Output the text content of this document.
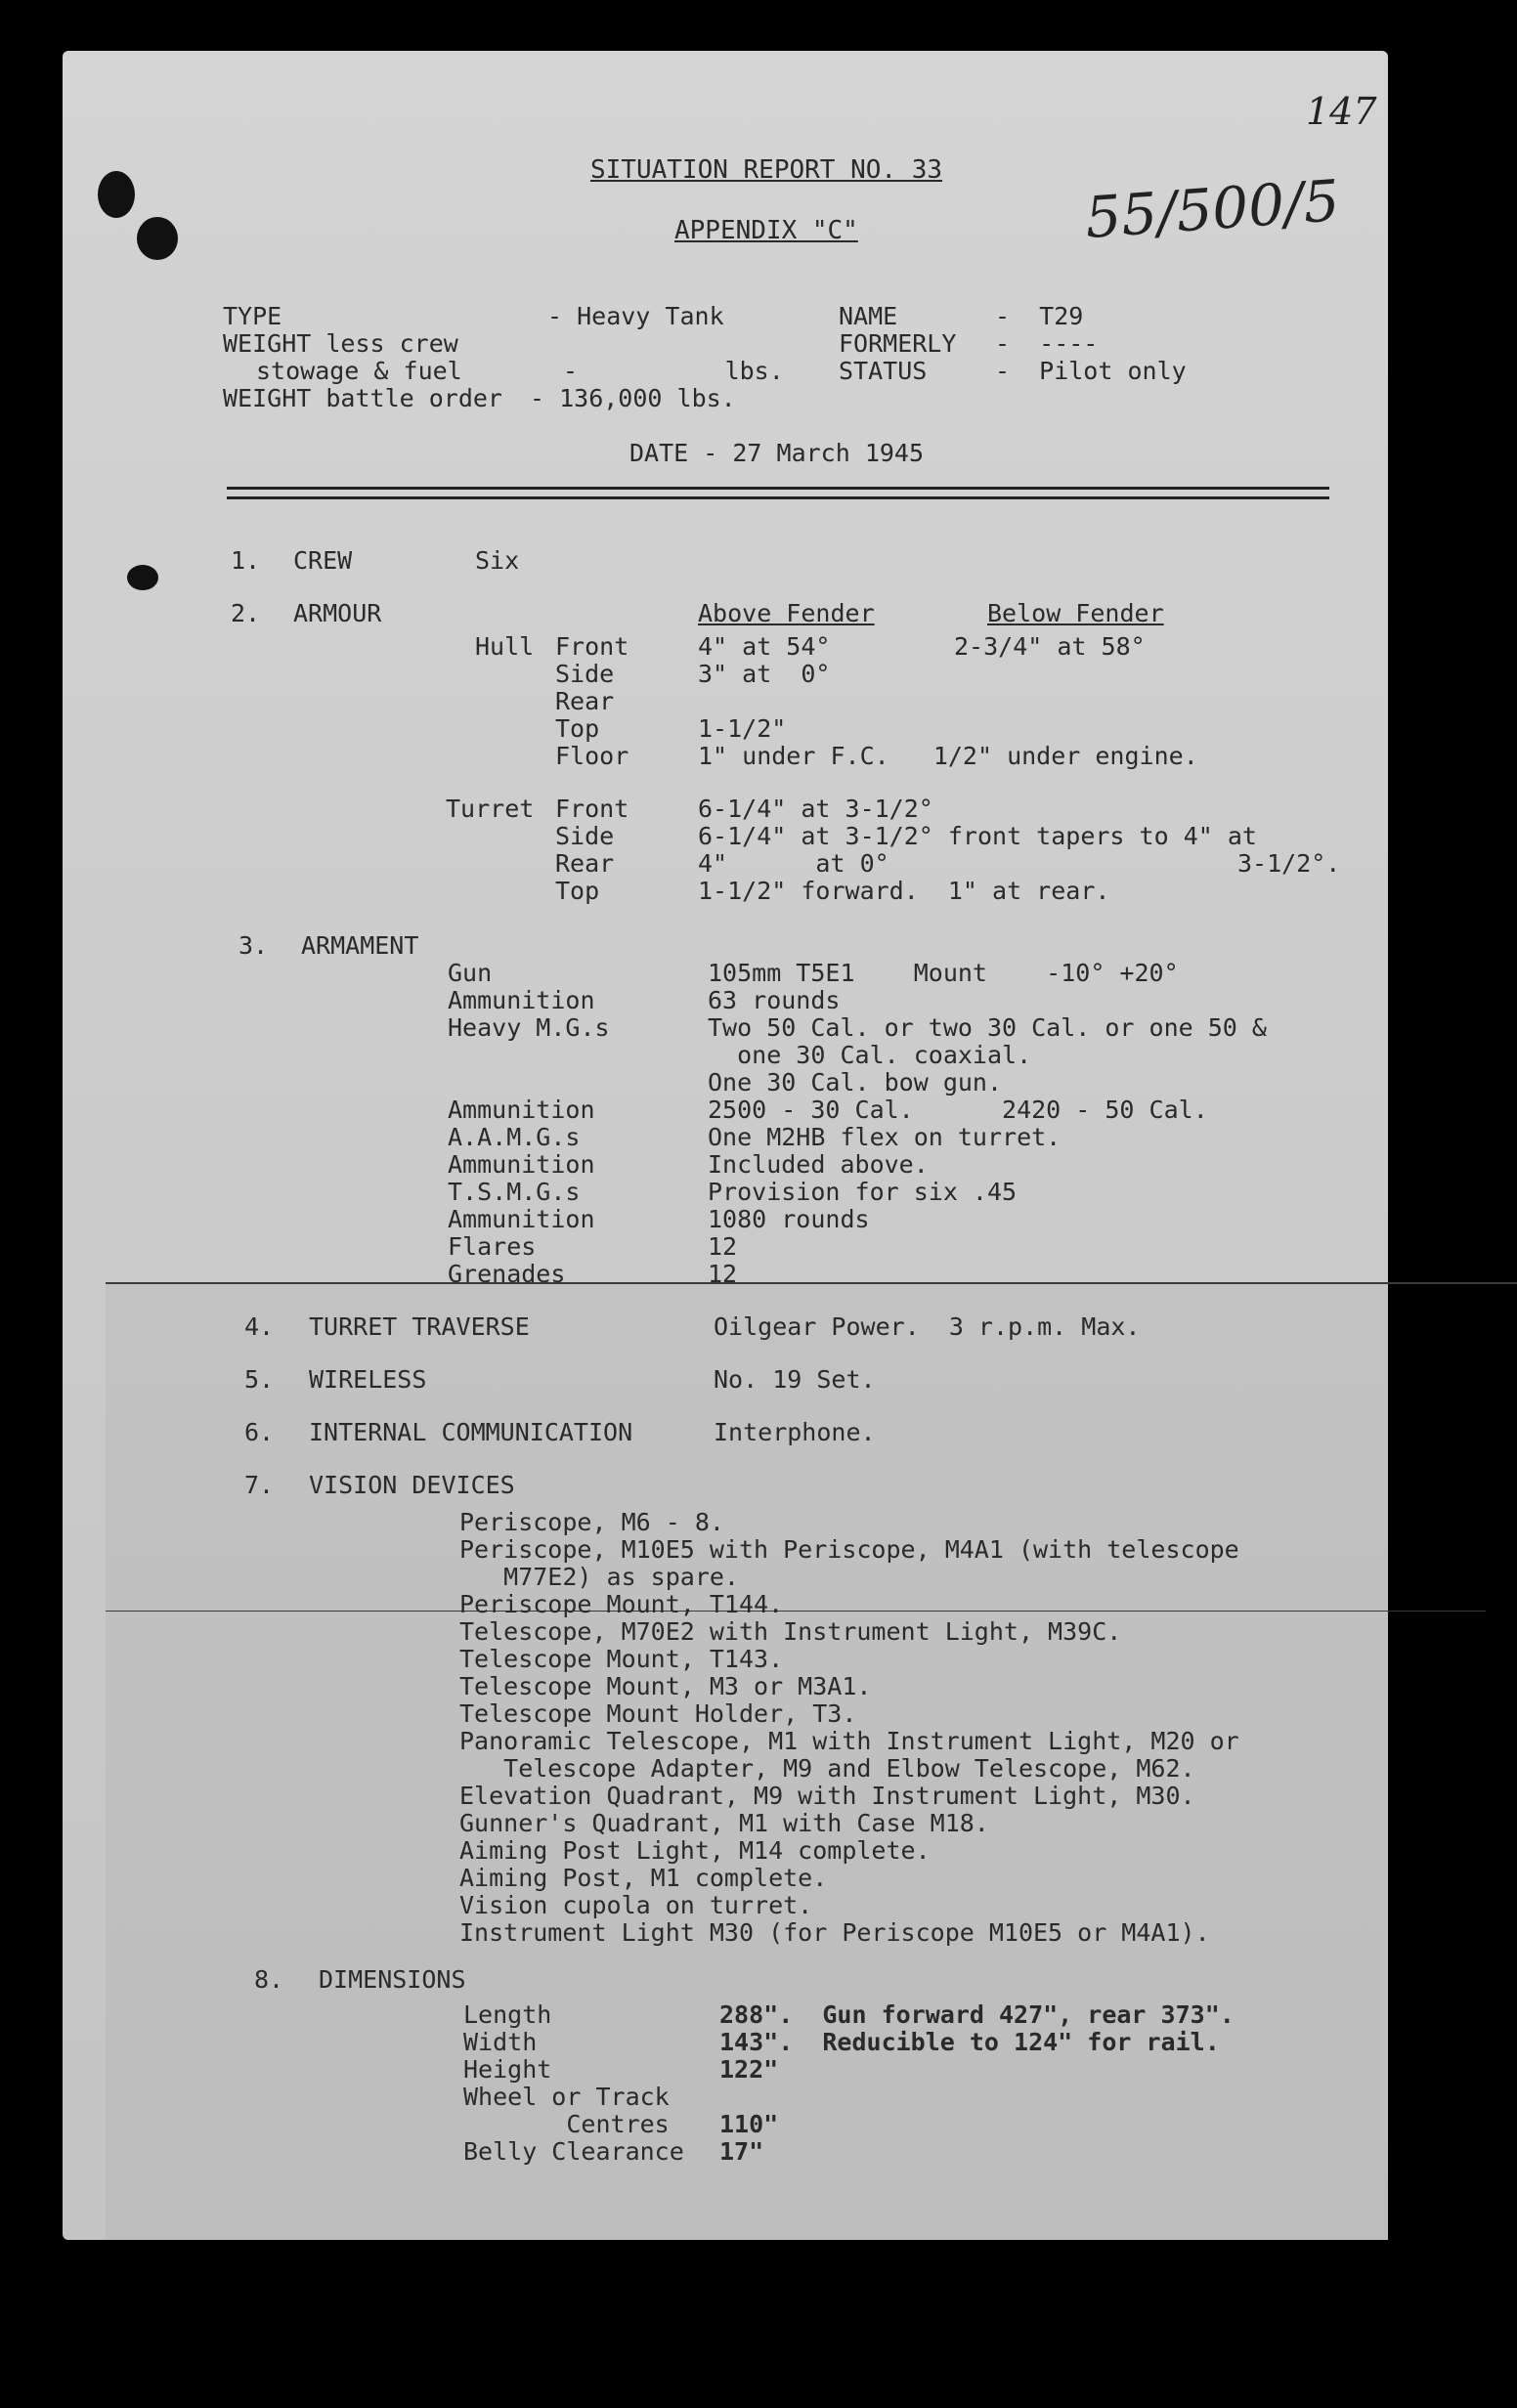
55/500/5
147
SITUATION REPORT NO. 33
APPENDIX "C"
TYPE	- Heavy Tank
WEIGHT less crew
stowage & fuel	-          lbs.
WEIGHT battle order - 136,000 lbs.
NAME	-  T29
FORMERLY -  ----
STATUS	-  Pilot only
DATE - 27 March 1945
1. CREW	Six
2. ARMOUR	Above Fender	Below Fender
Hull Front	4" at 54°	2-3/4" at 58°
Side	3" at  0°
Rear
Top	1-1/2"
Floor	1" under F.C.   1/2" under engine.
Turret Front	6-1/4" at 3-1/2°
Side	6-1/4" at 3-1/2° front tapers to 4" at
Rear	4"      at 0°	3-1/2°.
Top	1-1/2" forward.  1" at rear.
3. ARMAMENT
Gun	105mm T5E1    Mount    -10° +20°
Ammunition	63 rounds
Heavy M.G.s	Two 50 Cal. or two 30 Cal. or one 50 &
one 30 Cal. coaxial.
One 30 Cal. bow gun.
Ammunition	2500 - 30 Cal.      2420 - 50 Cal.
A.A.M.G.s	One M2HB flex on turret.
Ammunition	Included above.
T.S.M.G.s	Provision for six .45
Ammunition	1080 rounds
Flares	12
Grenades	12
4. TURRET TRAVERSE	Oilgear Power.  3 r.p.m. Max.
5. WIRELESS	No. 19 Set.
6. INTERNAL COMMUNICATION	Interphone.
7. VISION DEVICES
Periscope, M6 - 8.
Periscope, M10E5 with Periscope, M4A1 (with telescope
M77E2) as spare.
Periscope Mount, T144.
Telescope, M70E2 with Instrument Light, M39C.
Telescope Mount, T143.
Telescope Mount, M3 or M3A1.
Telescope Mount Holder, T3.
Panoramic Telescope, M1 with Instrument Light, M20 or
Telescope Adapter, M9 and Elbow Telescope, M62.
Elevation Quadrant, M9 with Instrument Light, M30.
Gunner's Quadrant, M1 with Case M18.
Aiming Post Light, M14 complete.
Aiming Post, M1 complete.
Vision cupola on turret.
Instrument Light M30 (for Periscope M10E5 or M4A1).
8. DIMENSIONS
Length	288".  Gun forward 427", rear 373".
Width	143".  Reducible to 124" for rail.
Height	122"
Wheel or Track
Centres 110"
Belly Clearance 17"
